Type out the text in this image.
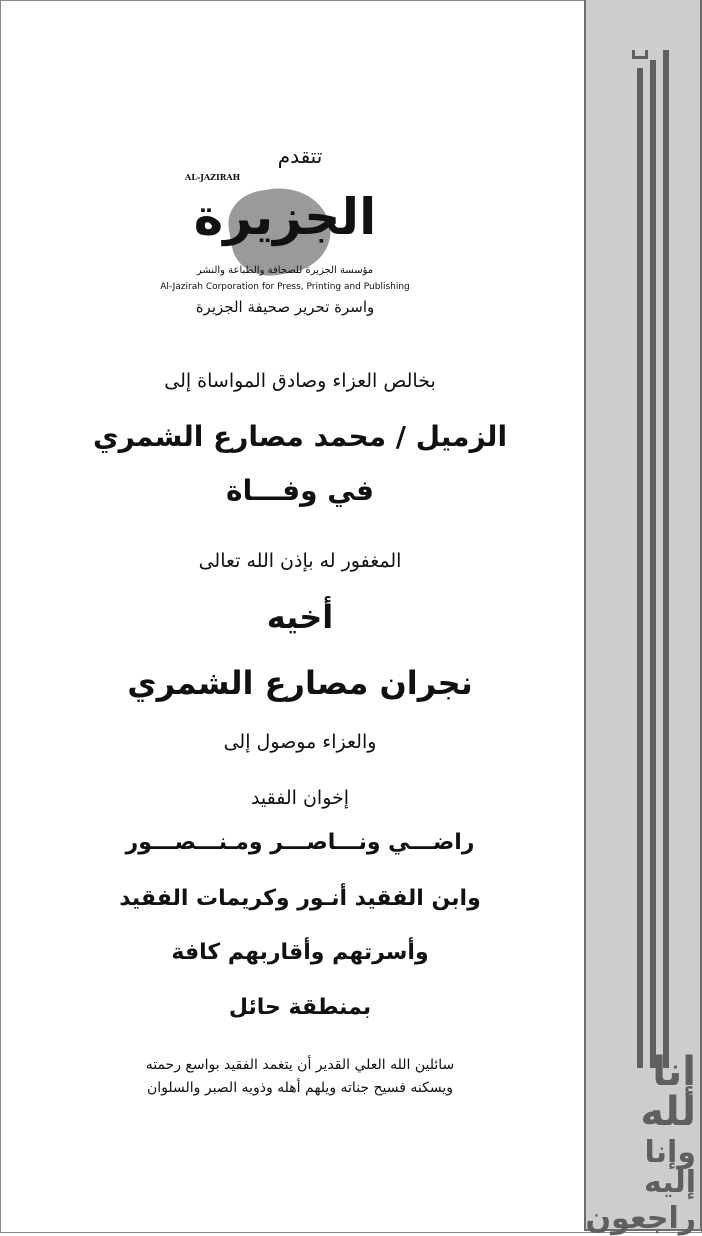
إنا لله
وإنا إليه
راجعون
تتقدم
AL-JAZIRAH
الجزيرة
مؤسسة الجزيرة للصحافة والطباعة والنشر
Al-Jazirah Corporation for Press, Printing and Publishing
واسرة تحرير صحيفة الجزيرة
بخالص العزاء وصادق المواساة إلى
الزميل / محمد مصارع الشمري
في وفـــاة
المغفور له بإذن الله تعالى
أخيه
نجران مصارع الشمري
والعزاء موصول إلى
إخوان الفقيد
راضـــي ونـــاصـــر ومـنـــصـــور
وابن الفقيد أنـور وكريمات الفقيد
وأسرتهم وأقاربهم كافة
بمنطقة حائل
سائلين الله العلي القدير أن يتغمد الفقيد بواسع رحمته
ويسكنه فسيح جناته ويلهم أهله وذويه الصبر والسلوان
